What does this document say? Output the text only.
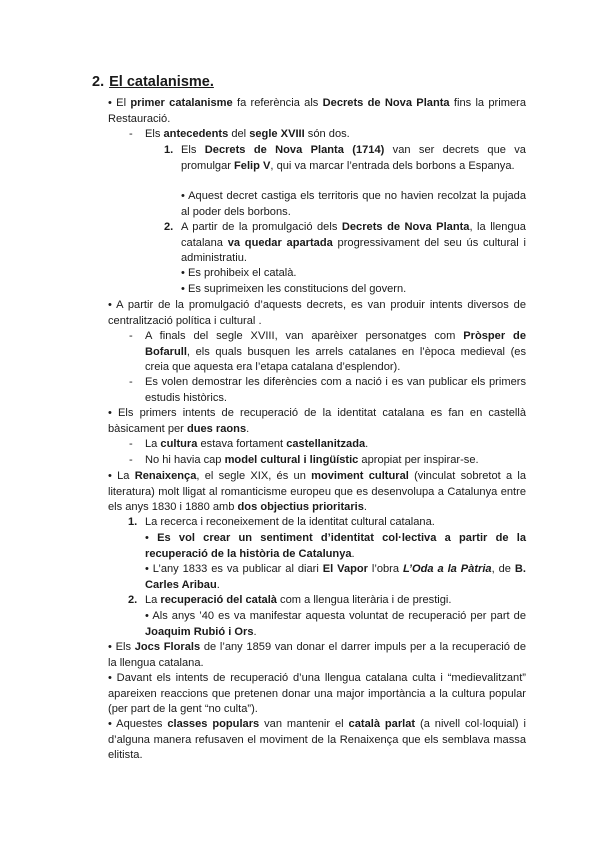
2. El catalanisme.
• El primer catalanisme fa referència als Decrets de Nova Planta fins la primera Restauració.
-	Els antecedents del segle XVIII són dos.
1. Els Decrets de Nova Planta (1714) van ser decrets que va promulgar Felip V, qui va marcar l’entrada dels borbons a Espanya.
• Aquest decret castiga els territoris que no havien recolzat la pujada al poder dels borbons.
2. A partir de la promulgació dels Decrets de Nova Planta, la llengua catalana va quedar apartada progressivament del seu ús cultural i administratiu.
• Es prohibeix el català.
• Es suprimeixen les constitucions del govern.
• A partir de la promulgació d’aquests decrets, es van produir intents diversos de centralització política i cultural .
-	A finals del segle XVIII, van aparèixer personatges com Pròsper de Bofarull, els quals busquen les arrels catalanes en l’època medieval (es creia que aquesta era l’etapa catalana d’esplendor).
-	Es volen demostrar les diferències com a nació i es van publicar els primers estudis històrics.
• Els primers intents de recuperació de la identitat catalana es fan en castellà bàsicament per dues raons.
-	La cultura estava fortament castellanitzada.
-	No hi havia cap model cultural i lingüístic apropiat per inspirar-se.
• La Renaixença, el segle XIX, és un moviment cultural (vinculat sobretot a la literatura) molt lligat al romanticisme europeu que es desenvolupa a Catalunya entre els anys 1830 i 1880 amb dos objectius prioritaris.
1. La recerca i reconeixement de la identitat cultural catalana.
• Es vol crear un sentiment d’identitat col·lectiva a partir de la recuperació de la història de Catalunya.
• L’any 1833 es va publicar al diari El Vapor l’obra L’Oda a la Pàtria, de B. Carles Aribau.
2. La recuperació del català com a llengua literària i de prestigi.
• Als anys ’40 es va manifestar aquesta voluntat de recuperació per part de Joaquim Rubió i Ors.
• Els Jocs Florals de l’any 1859 van donar el darrer impuls per a la recuperació de la llengua catalana.
• Davant els intents de recuperació d’una llengua catalana culta i “medievalitzant” apareixen reaccions que pretenen donar una major importància a la cultura popular (per part de la gent “no culta”).
• Aquestes classes populars van mantenir el català parlat (a nivell col·loquial) i d’alguna manera refusaven el moviment de la Renaixença que els semblava massa elitista.
